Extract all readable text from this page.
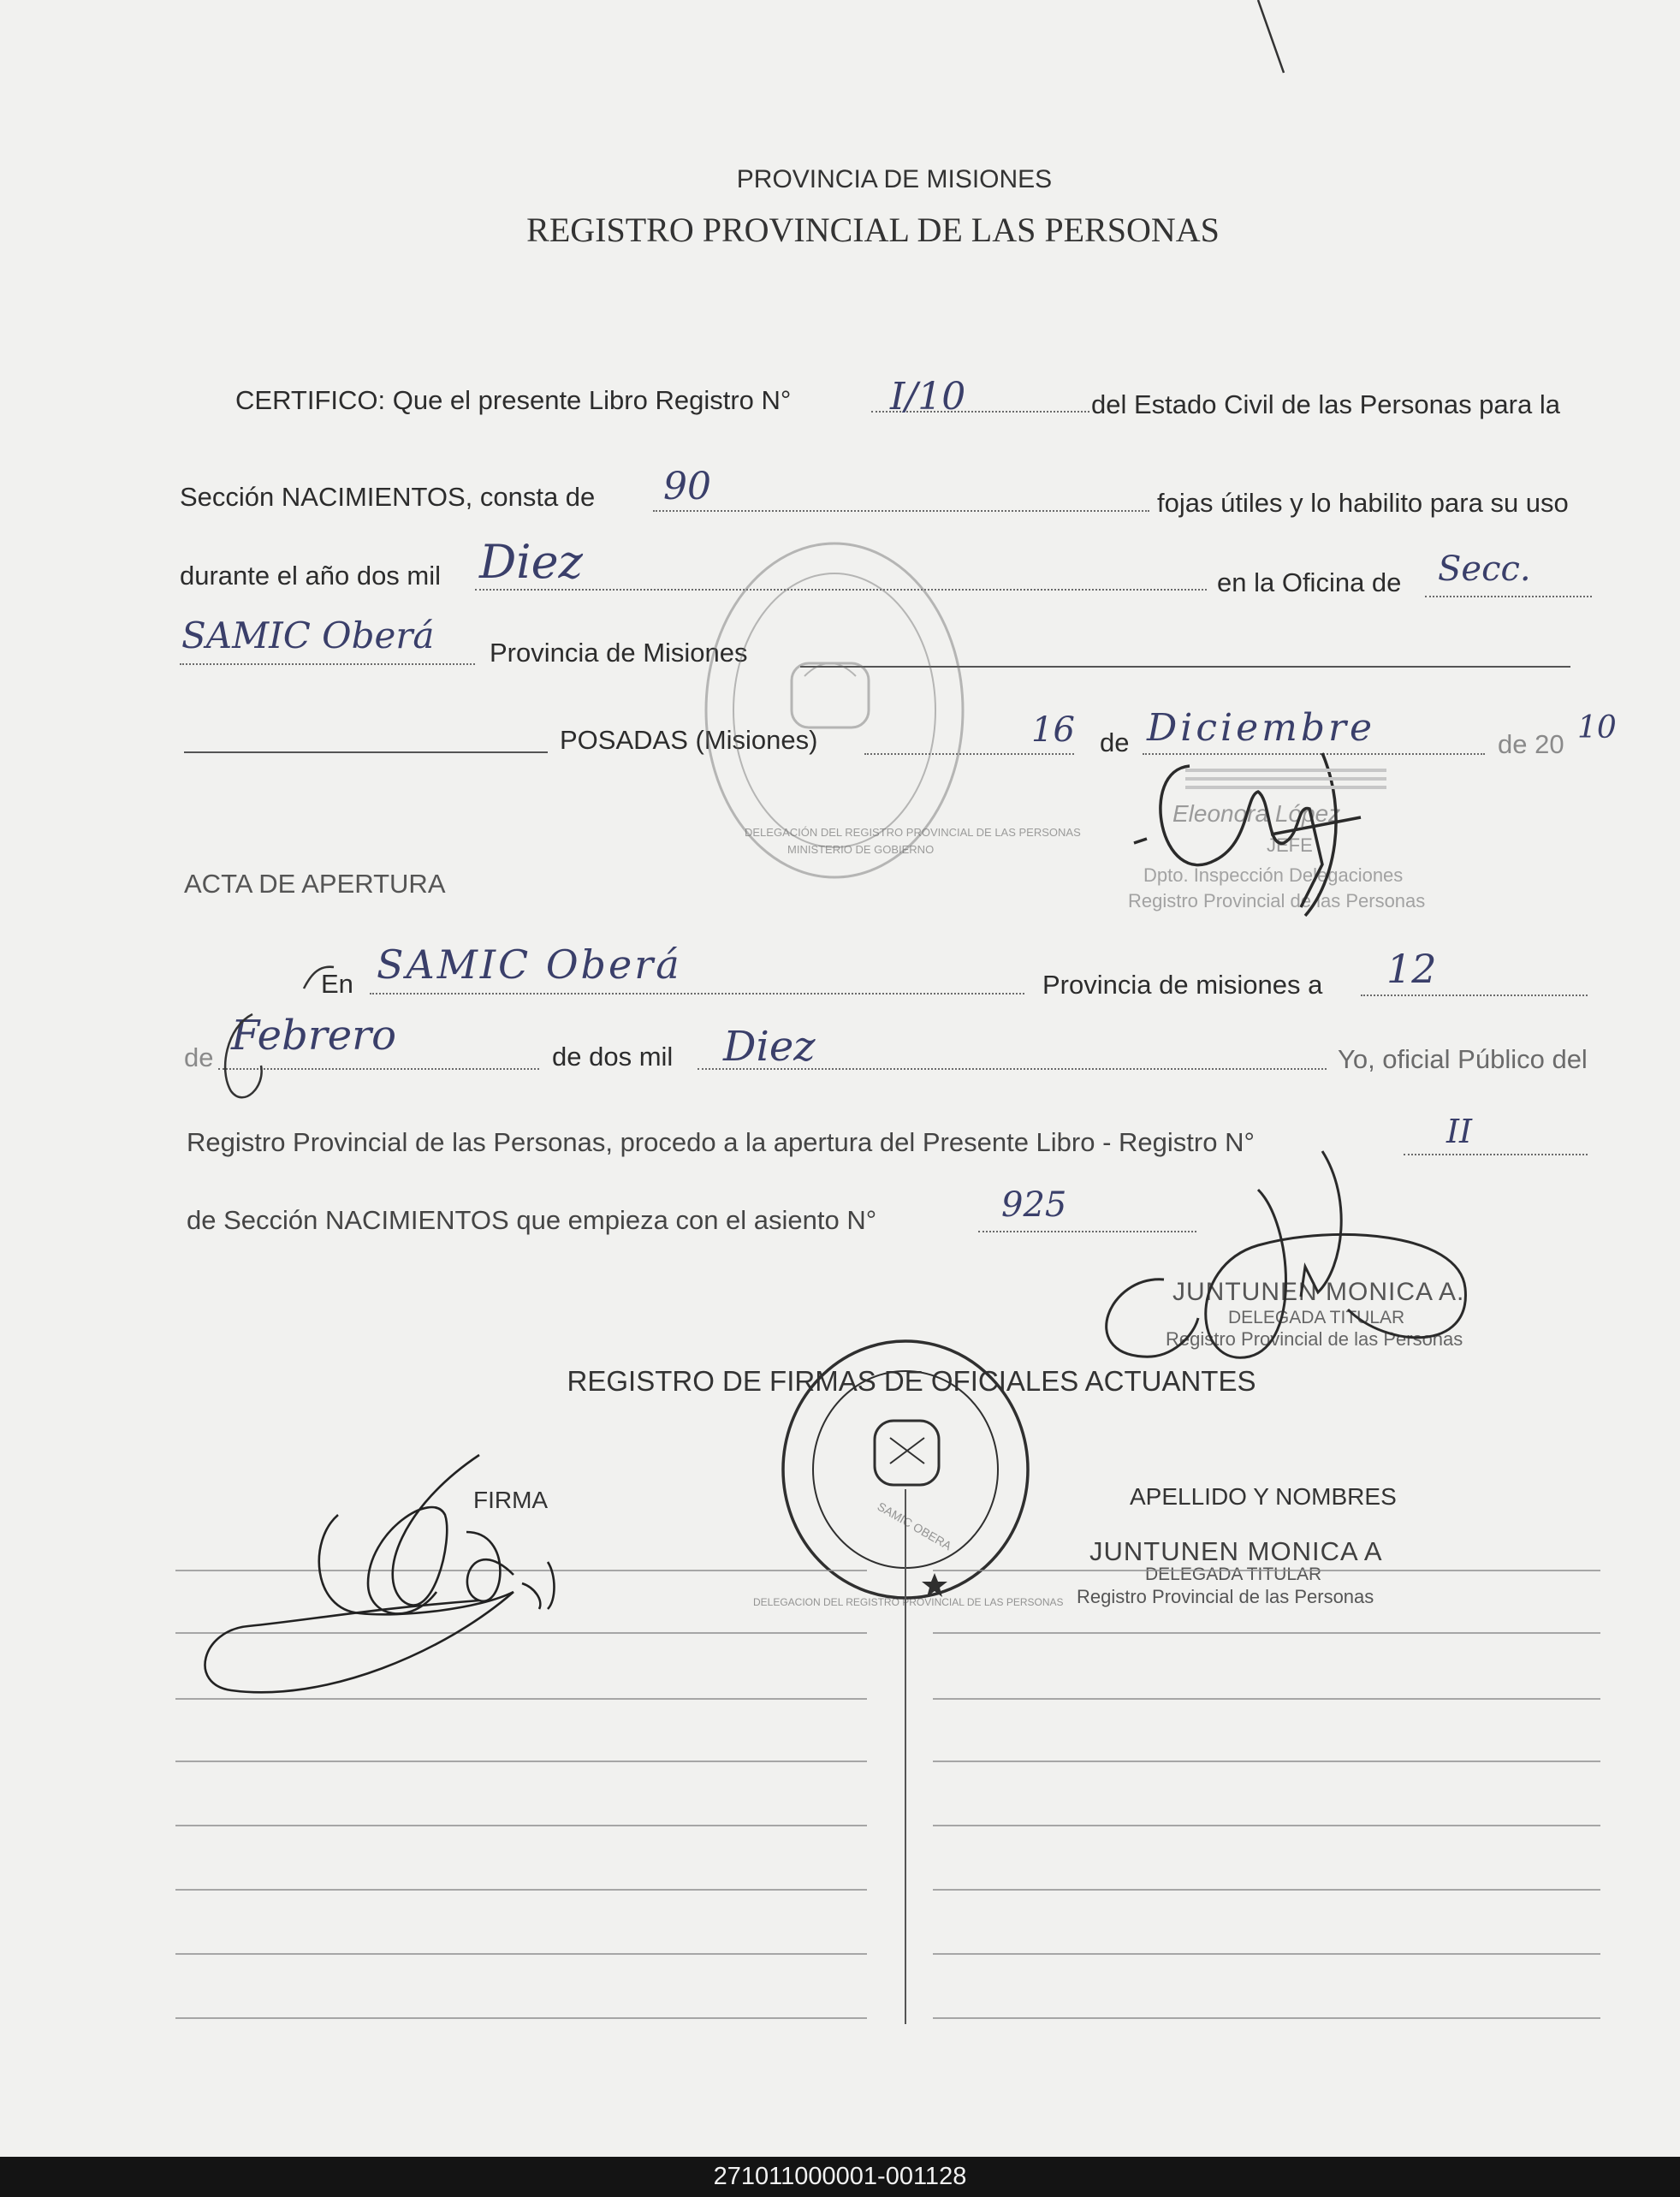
PROVINCIA DE MISIONES
REGISTRO PROVINCIAL DE LAS PERSONAS
CERTIFICO: Que el presente Libro Registro N°	I/10	del Estado Civil de las Personas para la
Sección NACIMIENTOS, consta de 90	fojas útiles y lo habilito para su uso
durante el año dos mil Diez	en la Oficina de Secc.
SAMIC Oberá Provincia de Misiones
POSADAS (Misiones)	16 de Diciembre	de 20 10
DELEGACIÓN DEL REGISTRO PROVINCIAL DE LAS PERSONAS
MINISTERIO DE GOBIERNO
Eleonora López
JEFE
Dpto. Inspección Delegaciones
Registro Provincial de las Personas
ACTA DE APERTURA
En SAMIC Oberá	Provincia de misiones a 12
de Febrero	de dos mil Diez	Yo, oficial Público del
Registro Provincial de las Personas, procedo a la apertura del Presente Libro - Registro N°	II
de Sección NACIMIENTOS que empieza con el asiento N°	925
JUNTUNEN MONICA A.
DELEGADA TITULAR
Registro Provincial de las Personas
REGISTRO DE FIRMAS DE OFICIALES ACTUANTES
FIRMA	APELLIDO Y NOMBRES
JUNTUNEN MONICA A
DELEGADA TITULAR
Registro Provincial de las Personas
DELEGACION DEL REGISTRO PROVINCIAL DE LAS PERSONAS
SAMIC OBERA
271011000001-001128
